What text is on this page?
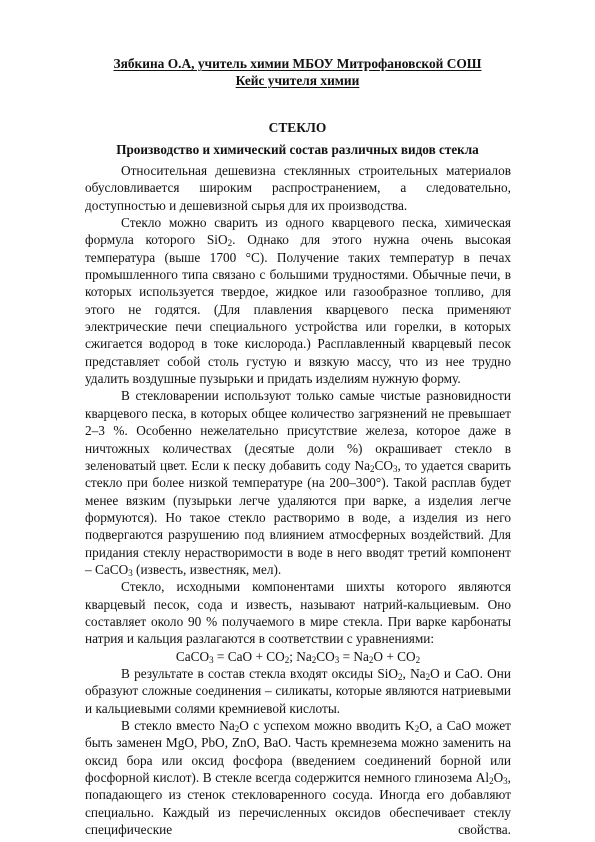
Зябкина О.А, учитель химии МБОУ Митрофановской СОШ
Кейс учителя химии
СТЕКЛО
Производство и химический состав различных видов стекла

Относительная дешевизна стеклянных строительных материалов обусловливается широким распространением, а следовательно, доступностью и дешевизной сырья для их производства.

Стекло можно сварить из одного кварцевого песка, химическая формула которого SiO$_2$. Однако для этого нужна очень высокая температура (выше 1700 °С). Получение таких температур в печах промышленного типа связано с большими трудностями. Обычные печи, в которых используется твердое, жидкое или газообразное топливо, для этого не годятся. (Для плавления кварцевого песка применяют электрические печи специального устройства или горелки, в которых сжигается водород в токе кислорода.) Расплавленный кварцевый песок представляет собой столь густую и вязкую массу, что из нее трудно удалить воздушные пузырьки и придать изделиям нужную форму.

В стекловарении используют только самые чистые разновидности кварцевого песка, в которых общее количество загрязнений не превышает 2–3 %. Особенно нежелательно присутствие железа, которое даже в ничтожных количествах (десятые доли %) окрашивает стекло в зеленоватый цвет. Если к песку добавить соду $Na_2CO_3$, то удается сварить стекло при более низкой температуре (на 200–300°). Такой расплав будет менее вязким (пузырьки легче удаляются при варке, а изделия легче формуются). Но такое стекло растворимо в воде, а изделия из него подвергаются разрушению под влиянием атмосферных воздействий. Для придания стеклу нерастворимости в воде в него вводят третий компонент – CaCO$_3$ (известь, известняк, мел).

Стекло, исходными компонентами шихты которого являются кварцевый песок, сода и известь, называют натрий-кальциевым. Оно составляет около 90 % получаемого в мире стекла. При варке карбонаты натрия и кальция разлагаются в соответствии с уравнениями:

CaCO$_3$ = CaO + $CO_2$; $Na_2CO_3 = Na_2O + CO_2$

В результате в состав стекла входят оксиды SiO$_2$, $Na_2O$ и CaO. Они образуют сложные соединения – силикаты, которые являются натриевыми и кальциевыми солями кремниевой кислоты.

В стекло вместо $Na_2O$ с успехом можно вводить $K_2O$, а CaO может быть заменен MgO, PbO, ZnO, BaO. Часть кремнезема можно заменить на оксид бора или оксид фосфора (введением соединений борной или фосфорной кислот). В стекле всегда содержится немного глинозема $Al_2O_3$, попадающего из стенок стекловаренного сосуда. Иногда его добавляют специально. Каждый из перечисленных оксидов обеспечивает стеклу специфические свойства.
